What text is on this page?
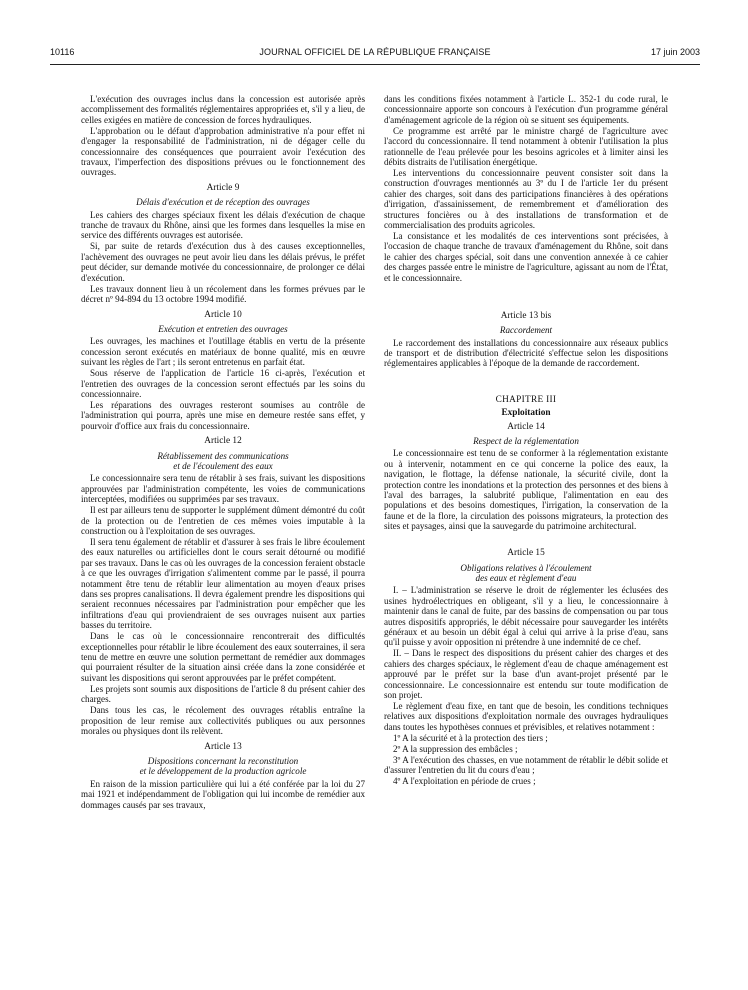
10116	JOURNAL OFFICIEL DE LA RÉPUBLIQUE FRANÇAISE	17 juin 2003

L'exécution des ouvrages inclus dans la concession est autorisée après accomplissement des formalités réglementaires appropriées et, s'il y a lieu, de celles exigées en matière de concession de forces hydrauliques.

L'approbation ou le défaut d'approbation administrative n'a pour effet ni d'engager la responsabilité de l'administration, ni de dégager celle du concessionnaire des conséquences que pourraient avoir l'exécution des travaux, l'imperfection des dispositions prévues ou le fonctionnement des ouvrages.

Article 9
Délais d'exécution et de réception des ouvrages

Les cahiers des charges spéciaux fixent les délais d'exécution de chaque tranche de travaux du Rhône, ainsi que les formes dans lesquelles la mise en service des différents ouvrages est autorisée.

Si, par suite de retards d'exécution dus à des causes exceptionnelles, l'achèvement des ouvrages ne peut avoir lieu dans les délais prévus, le préfet peut décider, sur demande motivée du concessionnaire, de prolonger ce délai d'exécution.

Les travaux donnent lieu à un récolement dans les formes prévues par le décret nº 94-894 du 13 octobre 1994 modifié.

Article 10
Exécution et entretien des ouvrages

Les ouvrages, les machines et l'outillage établis en vertu de la présente concession seront exécutés en matériaux de bonne qualité, mis en œuvre suivant les règles de l'art ; ils seront entretenus en parfait état.

Sous réserve de l'application de l'article 16 ci-après, l'exécution et l'entretien des ouvrages de la concession seront effectués par les soins du concessionnaire.

Les réparations des ouvrages resteront soumises au contrôle de l'administration qui pourra, après une mise en demeure restée sans effet, y pourvoir d'office aux frais du concessionnaire.

Article 12
Rétablissement des communications
et de l'écoulement des eaux

Le concessionnaire sera tenu de rétablir à ses frais, suivant les dispositions approuvées par l'administration compétente, les voies de communications interceptées, modifiées ou supprimées par ses travaux.

Il est par ailleurs tenu de supporter le supplément dûment démontré du coût de la protection ou de l'entretien de ces mêmes voies imputable à la construction ou à l'exploitation de ses ouvrages.

Il sera tenu également de rétablir et d'assurer à ses frais le libre écoulement des eaux naturelles ou artificielles dont le cours serait détourné ou modifié par ses travaux. Dans le cas où les ouvrages de la concession feraient obstacle à ce que les ouvrages d'irrigation s'alimentent comme par le passé, il pourra notamment être tenu de rétablir leur alimentation au moyen d'eaux prises dans ses propres canalisations. Il devra également prendre les dispositions qui seraient reconnues nécessaires par l'administration pour empêcher que les infiltrations d'eau qui proviendraient de ses ouvrages nuisent aux parties basses du territoire.

Dans le cas où le concessionnaire rencontrerait des difficultés exceptionnelles pour rétablir le libre écoulement des eaux souterraines, il sera tenu de mettre en œuvre une solution permettant de remédier aux dommages qui pourraient résulter de la situation ainsi créée dans la zone considérée et suivant les dispositions qui seront approuvées par le préfet compétent.

Les projets sont soumis aux dispositions de l'article 8 du présent cahier des charges.

Dans tous les cas, le récolement des ouvrages rétablis entraîne la proposition de leur remise aux collectivités publiques ou aux personnes morales ou physiques dont ils relèvent.

Article 13
Dispositions concernant la reconstitution
et le développement de la production agricole

En raison de la mission particulière qui lui a été conférée par la loi du 27 mai 1921 et indépendamment de l'obligation qui lui incombe de remédier aux dommages causés par ses travaux,

dans les conditions fixées notamment à l'article L. 352-1 du code rural, le concessionnaire apporte son concours à l'exécution d'un programme général d'aménagement agricole de la région où se situent ses équipements.

Ce programme est arrêté par le ministre chargé de l'agriculture avec l'accord du concessionnaire. Il tend notamment à obtenir l'utilisation la plus rationnelle de l'eau prélevée pour les besoins agricoles et à limiter ainsi les débits distraits de l'utilisation énergétique.

Les interventions du concessionnaire peuvent consister soit dans la construction d'ouvrages mentionnés au 3º du I de l'article 1er du présent cahier des charges, soit dans des participations financières à des opérations d'irrigation, d'assainissement, de remembrement et d'amélioration des structures foncières ou à des installations de transformation et de commercialisation des produits agricoles.

La consistance et les modalités de ces interventions sont précisées, à l'occasion de chaque tranche de travaux d'aménagement du Rhône, soit dans le cahier des charges spécial, soit dans une convention annexée à ce cahier des charges passée entre le ministre de l'agriculture, agissant au nom de l'État, et le concessionnaire.

Article 13 bis
Raccordement

Le raccordement des installations du concessionnaire aux réseaux publics de transport et de distribution d'électricité s'effectue selon les dispositions réglementaires applicables à l'époque de la demande de raccordement.

CHAPITRE III
Exploitation
Article 14
Respect de la réglementation

Le concessionnaire est tenu de se conformer à la réglementation existante ou à intervenir, notamment en ce qui concerne la police des eaux, la navigation, le flottage, la défense nationale, la sécurité civile, dont la protection contre les inondations et la protection des personnes et des biens à l'aval des barrages, la salubrité publique, l'alimentation en eau des populations et des besoins domestiques, l'irrigation, la conservation de la faune et de la flore, la circulation des poissons migrateurs, la protection des sites et paysages, ainsi que la sauvegarde du patrimoine architectural.

Article 15
Obligations relatives à l'écoulement
des eaux et règlement d'eau

I. – L'administration se réserve le droit de réglementer les éclusées des usines hydroélectriques en obligeant, s'il y a lieu, le concessionnaire à maintenir dans le canal de fuite, par des bassins de compensation ou par tous autres dispositifs appropriés, le débit nécessaire pour sauvegarder les intérêts généraux et au besoin un débit égal à celui qui arrive à la prise d'eau, sans qu'il puisse y avoir opposition ni prétendre à une indemnité de ce chef.

II. – Dans le respect des dispositions du présent cahier des charges et des cahiers des charges spéciaux, le règlement d'eau de chaque aménagement est approuvé par le préfet sur la base d'un avant-projet présenté par le concessionnaire. Le concessionnaire est entendu sur toute modification de son projet.

Le règlement d'eau fixe, en tant que de besoin, les conditions techniques relatives aux dispositions d'exploitation normale des ouvrages hydrauliques dans toutes les hypothèses connues et prévisibles, et relatives notamment :

1º A la sécurité et à la protection des tiers ;

2º A la suppression des embâcles ;

3º A l'exécution des chasses, en vue notamment de rétablir le débit solide et d'assurer l'entretien du lit du cours d'eau ;

4º A l'exploitation en période de crues ;
